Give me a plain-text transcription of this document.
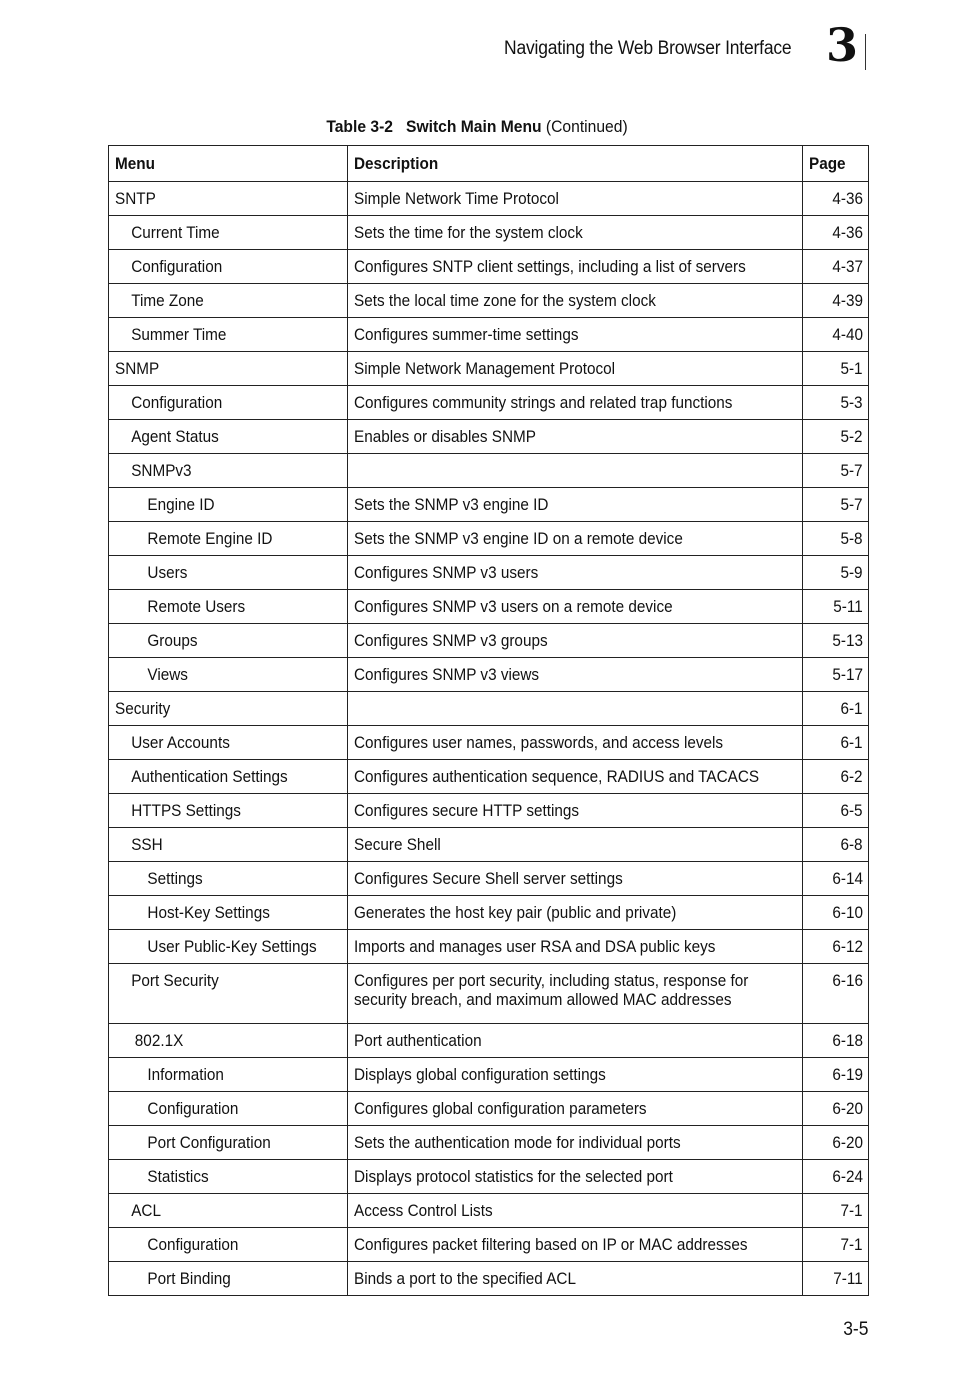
Navigating the Web Browser Interface 3
Table 3-2 Switch Main Menu (Continued)
Menu	Description	Page
SNTP	Simple Network Time Protocol	4-36
Current Time	Sets the time for the system clock	4-36
Configuration	Configures SNTP client settings, including a list of servers	4-37
Time Zone	Sets the local time zone for the system clock	4-39
Summer Time	Configures summer-time settings	4-40
SNMP	Simple Network Management Protocol	5-1
Configuration	Configures community strings and related trap functions	5-3
Agent Status	Enables or disables SNMP	5-2
SNMPv3		5-7
Engine ID	Sets the SNMP v3 engine ID	5-7
Remote Engine ID	Sets the SNMP v3 engine ID on a remote device	5-8
Users	Configures SNMP v3 users	5-9
Remote Users	Configures SNMP v3 users on a remote device	5-11
Groups	Configures SNMP v3 groups	5-13
Views	Configures SNMP v3 views	5-17
Security		6-1
User Accounts	Configures user names, passwords, and access levels	6-1
Authentication Settings	Configures authentication sequence, RADIUS and TACACS	6-2
HTTPS Settings	Configures secure HTTP settings	6-5
SSH	Secure Shell	6-8
Settings	Configures Secure Shell server settings	6-14
Host-Key Settings	Generates the host key pair (public and private)	6-10
User Public-Key Settings	Imports and manages user RSA and DSA public keys	6-12
Port Security	Configures per port security, including status, response for security breach, and maximum allowed MAC addresses	6-16
802.1X	Port authentication	6-18
Information	Displays global configuration settings	6-19
Configuration	Configures global configuration parameters	6-20
Port Configuration	Sets the authentication mode for individual ports	6-20
Statistics	Displays protocol statistics for the selected port	6-24
ACL	Access Control Lists	7-1
Configuration	Configures packet filtering based on IP or MAC addresses	7-1
Port Binding	Binds a port to the specified ACL	7-11
3-5
